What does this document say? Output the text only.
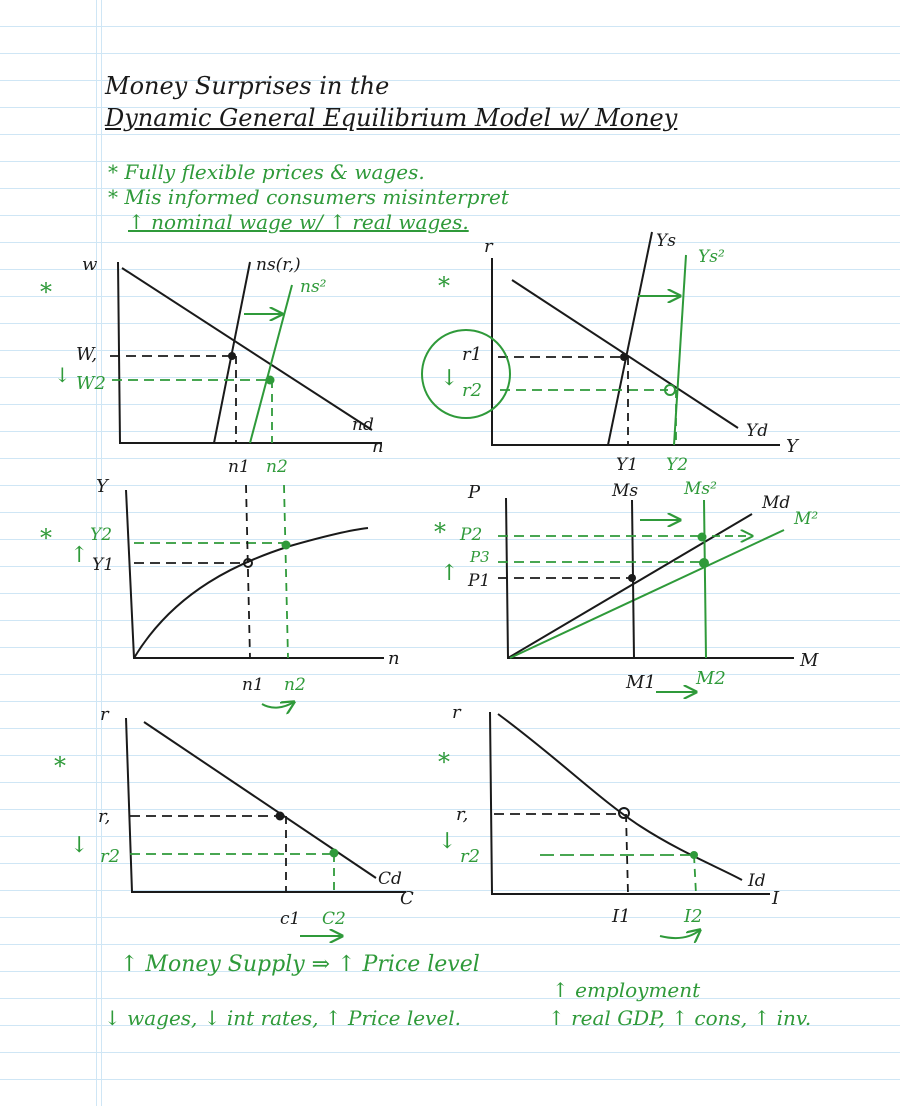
Money Surprises in the
Dynamic General Equilibrium Model w/ Money
* Fully flexible prices & wages.
* Mis informed consumers misinterpret
↑ nominal wage w/ ↑ real wages.
*
w
n
nd
ns(r,)
ns²
W,
W2
↓
n1 n2
*
r
Y
Yd
Ys
Ys²
r1
r2
↓
Y1 Y2
*
Y
n
Y2
Y1
↑
n1 n2
P
M
Md
M²
Ms	Ms²
* P2
P3
P1
↑
M1 M2
*
r
C
Cd
r,
r2
↓
c1 C2
*
r
I
Id
r,
r2
↓
I1	I2
↑ Money Supply ⇒ ↑ Price level
↓ wages, ↓ int rates, ↑ Price level.
↑ employment
↑ real GDP, ↑ cons, ↑ inv.
